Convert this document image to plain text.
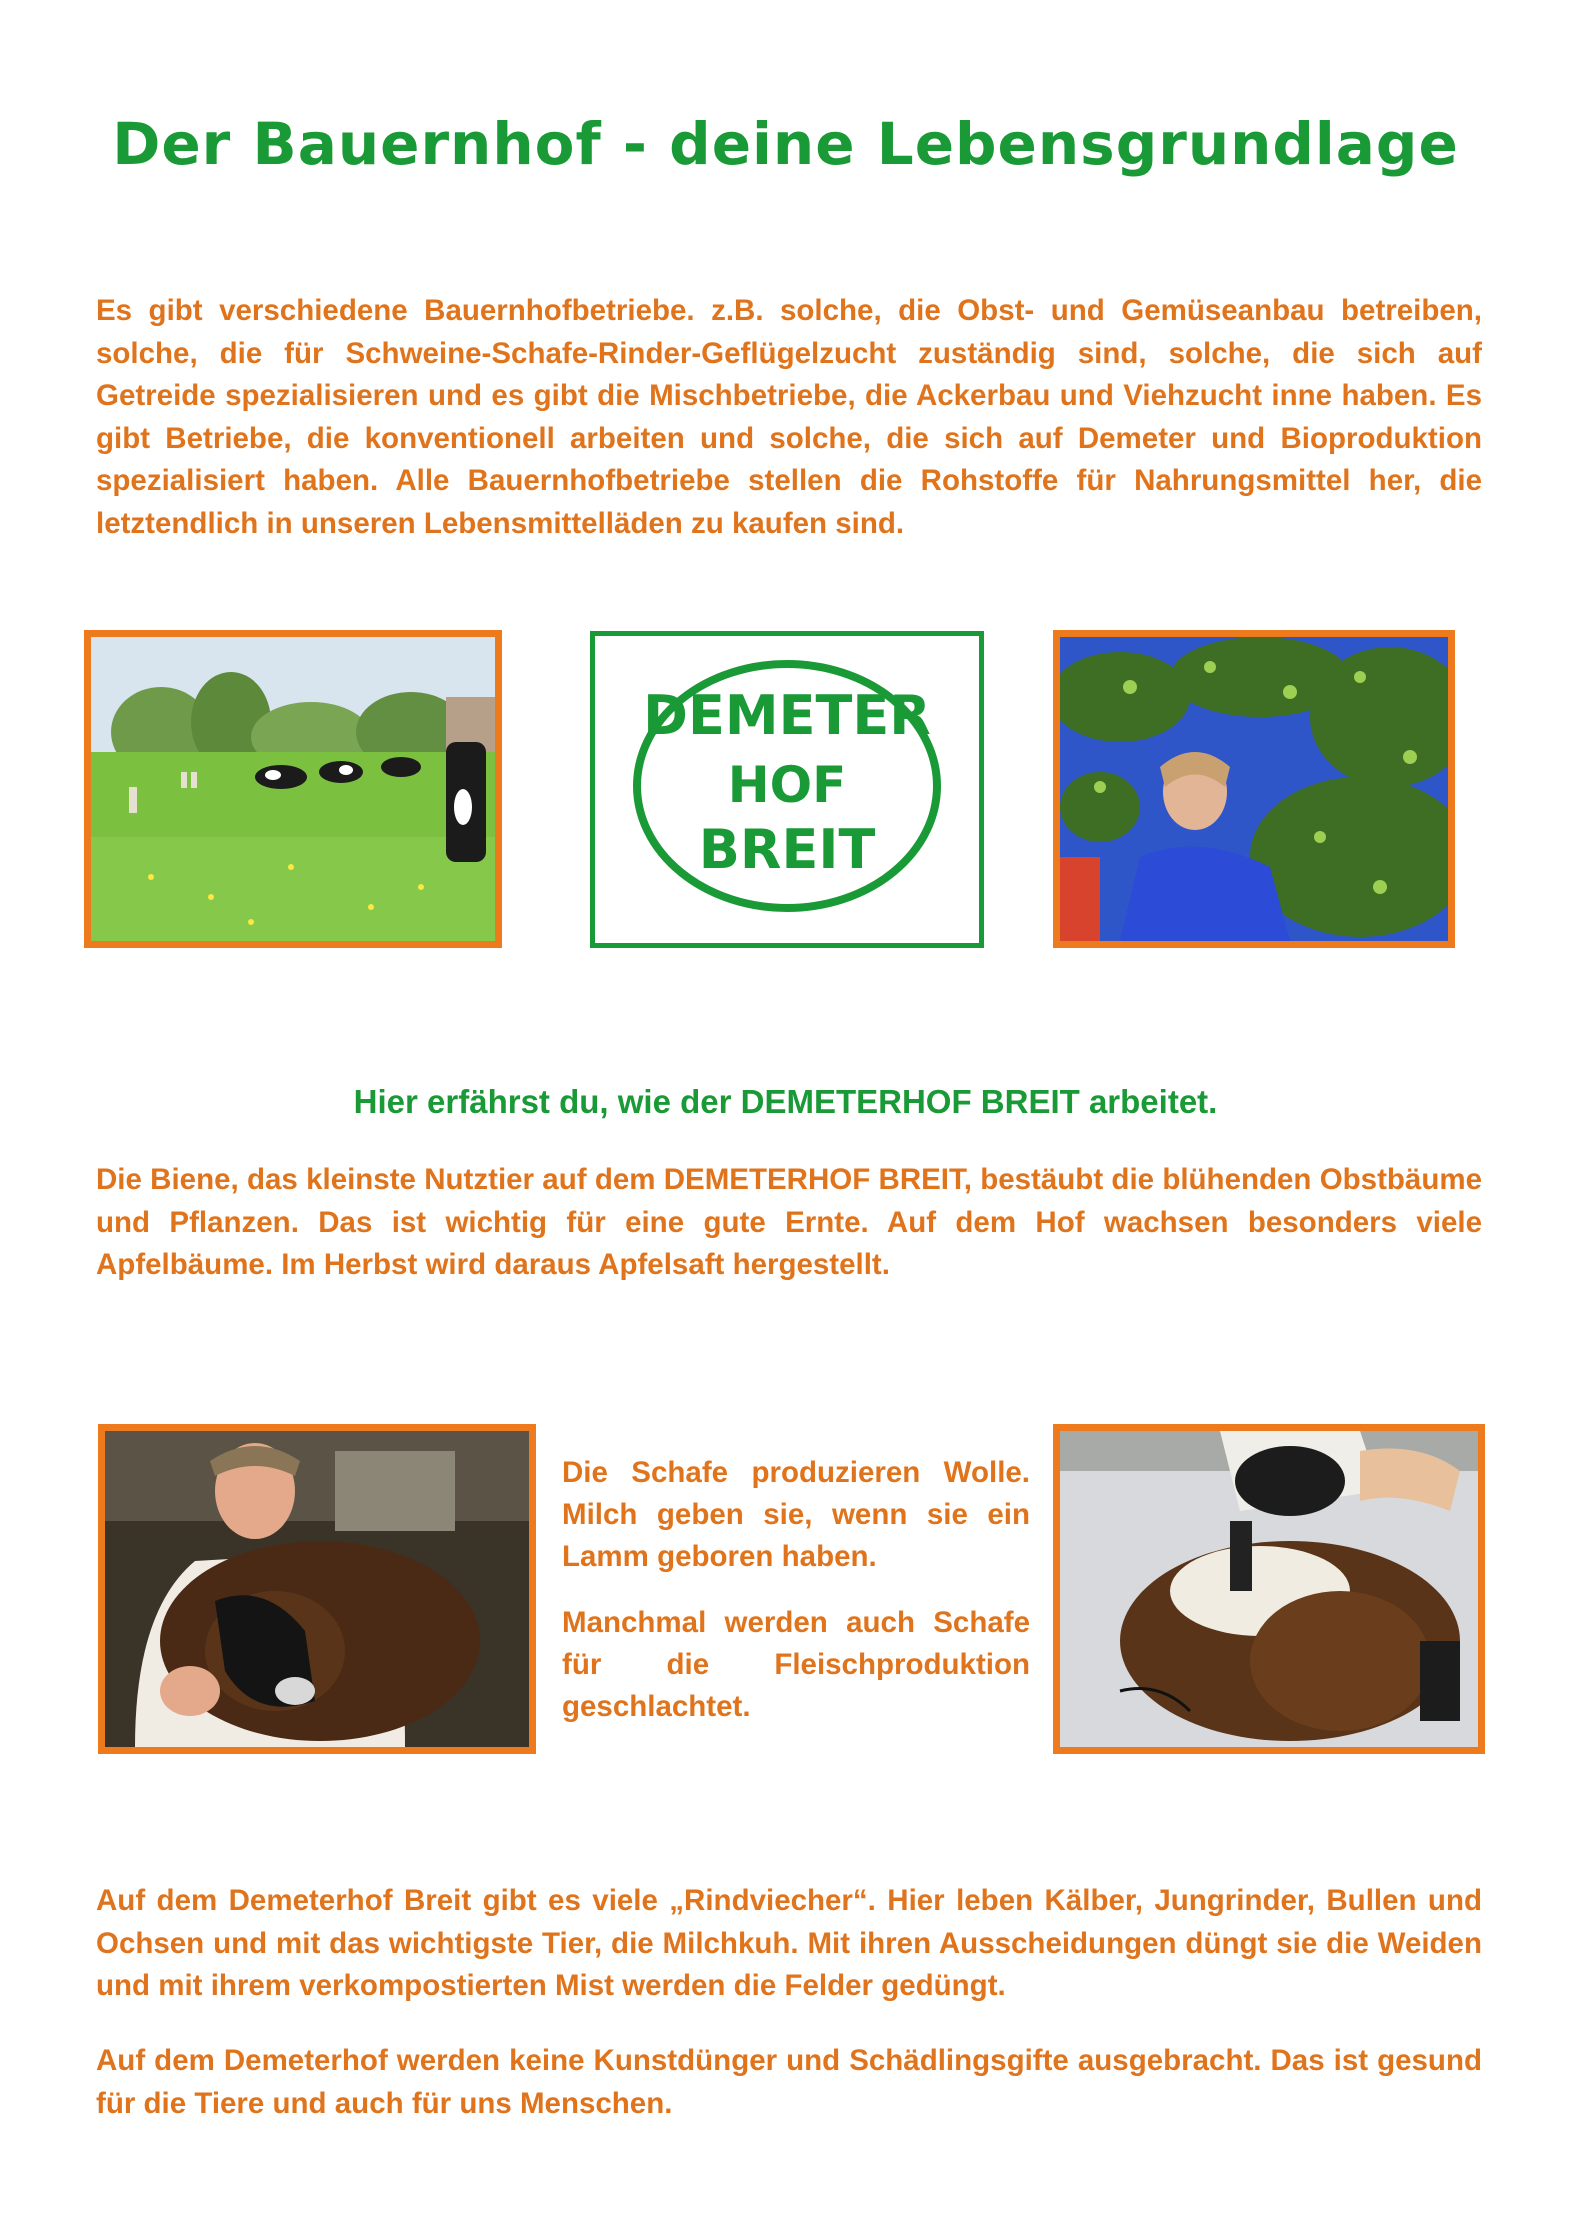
Der Bauernhof - deine Lebensgrundlage

Es gibt verschiedene Bauernhofbetriebe. z.B. solche, die Obst- und Gemüseanbau betreiben, solche, die für Schweine-Schafe-Rinder-Geflügelzucht zuständig sind, solche, die sich auf Getreide spezialisieren und es gibt die Mischbetriebe, die Ackerbau und Viehzucht inne haben. Es gibt Betriebe, die konventionell arbeiten und solche, die sich auf Demeter und Bioproduktion spezialisiert haben. Alle Bauernhofbetriebe stellen die Rohstoffe für Nahrungsmittel her, die letztendlich in unseren Lebensmittelläden zu kaufen sind.

DEMETER
HOF
BREIT
Hier erfährst du, wie der DEMETERHOF BREIT arbeitet.

Die Biene, das kleinste Nutztier auf dem DEMETERHOF BREIT, bestäubt die blühenden Obstbäume und Pflanzen. Das ist wichtig für eine gute Ernte. Auf dem Hof wachsen besonders viele Apfelbäume. Im Herbst wird daraus Apfelsaft hergestellt.

Die Schafe produzieren Wolle. Milch geben sie, wenn sie ein Lamm geboren haben.

Manchmal werden auch Schafe für die Fleischproduktion geschlachtet.

Auf dem Demeterhof Breit gibt es viele „Rindviecher“. Hier leben Kälber, Jungrinder, Bullen und Ochsen und mit das wichtigste Tier, die Milchkuh. Mit ihren Ausscheidungen düngt sie die Weiden und mit ihrem verkompostierten Mist werden die Felder gedüngt.

Auf dem Demeterhof werden keine Kunstdünger und Schädlingsgifte ausgebracht. Das ist gesund für die Tiere und auch für uns Menschen.
